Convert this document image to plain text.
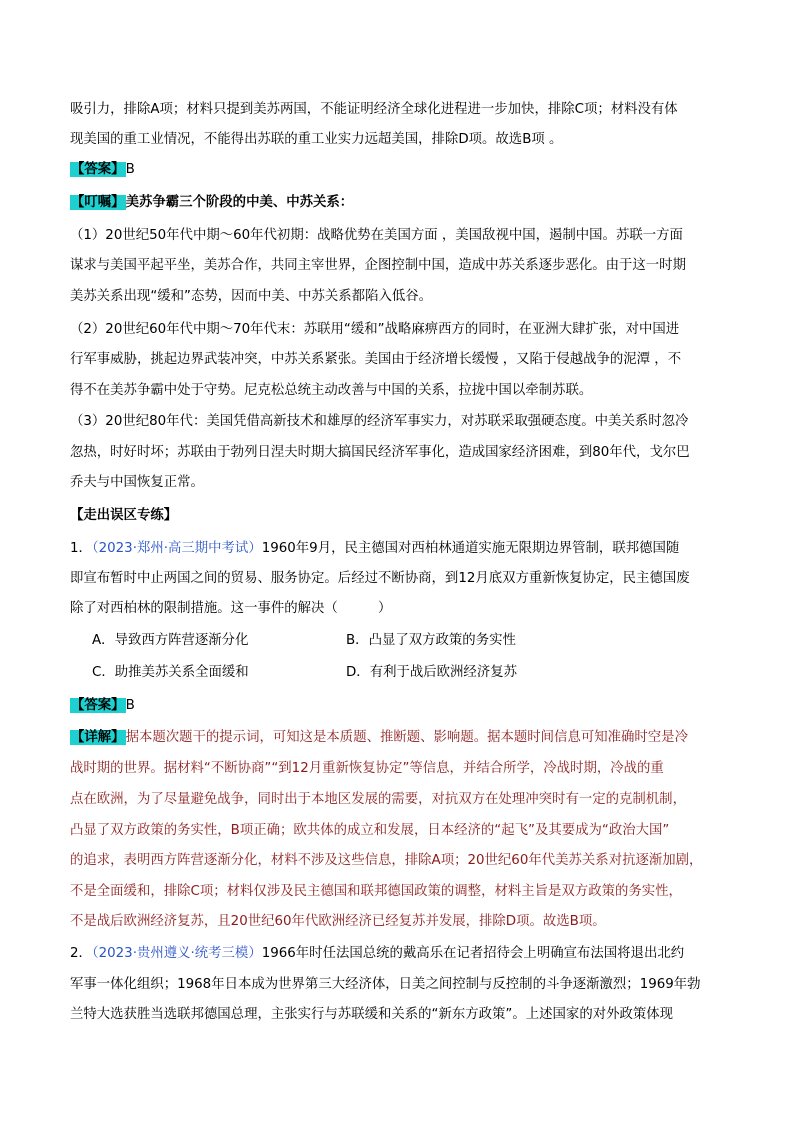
吸引力，排除A项；材料只提到美苏两国，不能证明经济全球化进程进一步加快，排除C项；材料没有体
现美国的重工业情况，不能得出苏联的重工业实力远超美国，排除D项。故选B项 。
【答案】B
【叮嘱】美苏争霸三个阶段的中美、中苏关系：
（1）20世纪50年代中期～60年代初期：战略优势在美国方面 ，美国敌视中国，遏制中国。苏联一方面
谋求与美国平起平坐，美苏合作，共同主宰世界，企图控制中国，造成中苏关系逐步恶化。由于这一时期
美苏关系出现“缓和”态势，因而中美、中苏关系都陷入低谷。
（2）20世纪60年代中期～70年代末：苏联用“缓和”战略麻痹西方的同时，在亚洲大肆扩张，对中国进
行军事威胁，挑起边界武装冲突，中苏关系紧张。美国由于经济增长缓慢 ，又陷于侵越战争的泥潭 ，不
得不在美苏争霸中处于守势。尼克松总统主动改善与中国的关系，拉拢中国以牵制苏联。
（3）20世纪80年代：美国凭借高新技术和雄厚的经济军事实力，对苏联采取强硬态度。中美关系时忽冷
忽热，时好时坏；苏联由于勃列日涅夫时期大搞国民经济军事化，造成国家经济困难，到80年代，戈尔巴
乔夫与中国恢复正常。
【走出误区专练】
1．（2023·郑州·高三期中考试）1960年9月，民主德国对西柏林通道实施无限期边界管制，联邦德国随
即宣布暂时中止两国之间的贸易、服务协定。后经过不断协商，到12月底双方重新恢复协定，民主德国废
除了对西柏林的限制措施。这一事件的解决（　　　）
A．导致西方阵营逐渐分化	B．凸显了双方政策的务实性
C．助推美苏关系全面缓和	D．有利于战后欧洲经济复苏
【答案】B
【详解】据本题次题干的提示词，可知这是本质题、推断题、影响题。据本题时间信息可知准确时空是冷
战时期的世界。据材料“不断协商”“到12月重新恢复协定”等信息，并结合所学，冷战时期，冷战的重
点在欧洲，为了尽量避免战争，同时出于本地区发展的需要，对抗双方在处理冲突时有一定的克制机制，
凸显了双方政策的务实性，B项正确；欧共体的成立和发展，日本经济的“起飞”及其要成为“政治大国”
的追求，表明西方阵营逐渐分化，材料不涉及这些信息，排除A项；20世纪60年代美苏关系对抗逐渐加剧，
不是全面缓和，排除C项；材料仅涉及民主德国和联邦德国政策的调整，材料主旨是双方政策的务实性，
不是战后欧洲经济复苏，且20世纪60年代欧洲经济已经复苏并发展，排除D项。故选B项。
2．（2023·贵州遵义·统考三模）1966年时任法国总统的戴高乐在记者招待会上明确宣布法国将退出北约
军事一体化组织；1968年日本成为世界第三大经济体，日美之间控制与反控制的斗争逐渐激烈；1969年勃
兰特大选获胜当选联邦德国总理，主张实行与苏联缓和关系的“新东方政策”。上述国家的对外政策体现
